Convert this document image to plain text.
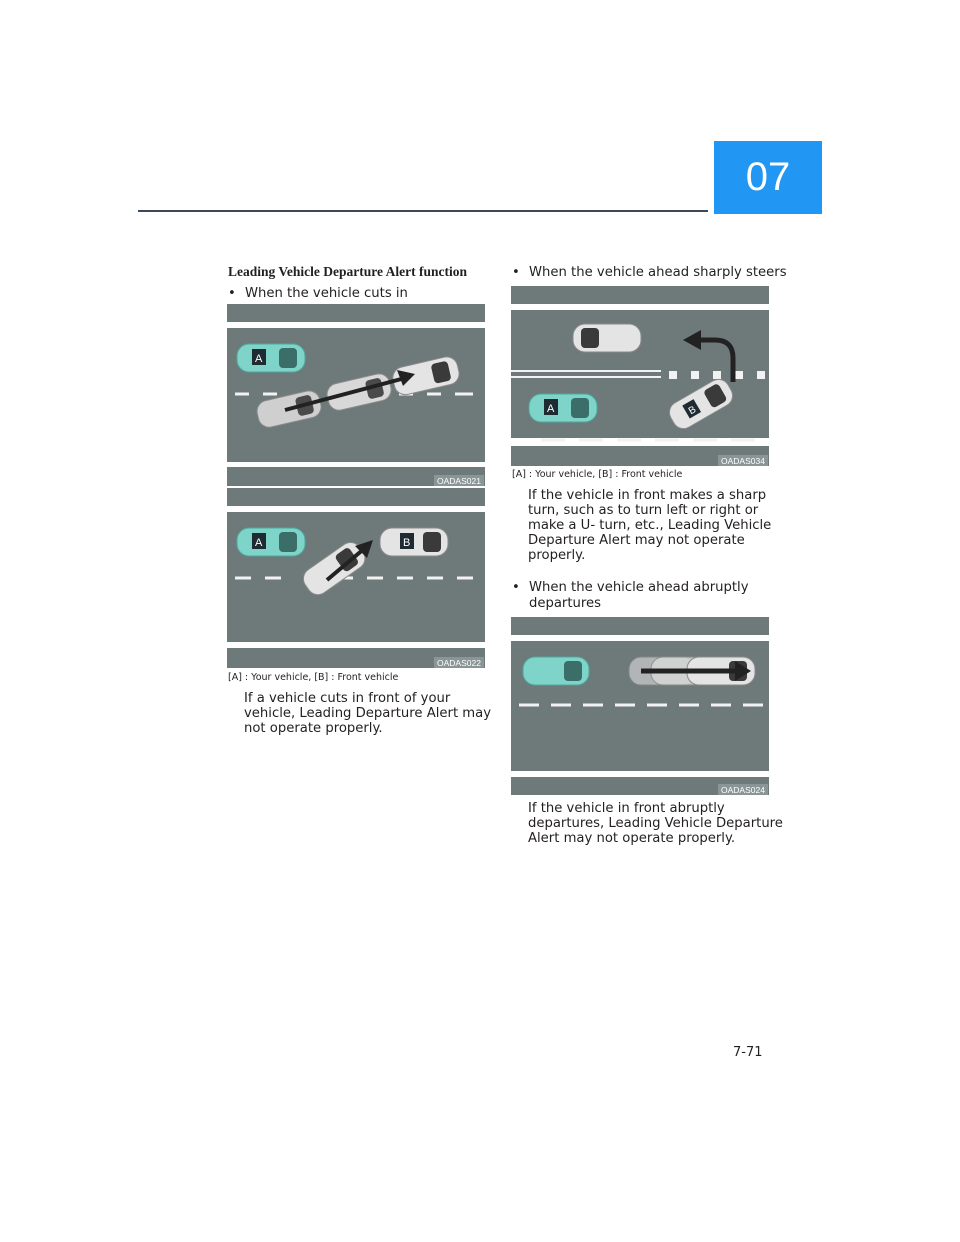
07
Leading Vehicle Departure Alert function
• When the vehicle cuts in
A
OADAS021
A	B
OADAS022
[A] : Your vehicle, [B] : Front vehicle
If a vehicle cuts in front of your
vehicle, Leading Departure Alert may
not operate properly.
• When the vehicle ahead sharply steers
A	B
OADAS034
[A] : Your vehicle, [B] : Front vehicle
If the vehicle in front makes a sharp
turn, such as to turn left or right or
make a U- turn, etc., Leading Vehicle
Departure Alert may not operate
properly.
• When the vehicle ahead abruptly
departures
OADAS024
If the vehicle in front abruptly
departures, Leading Vehicle Departure
Alert may not operate properly.
7-71
